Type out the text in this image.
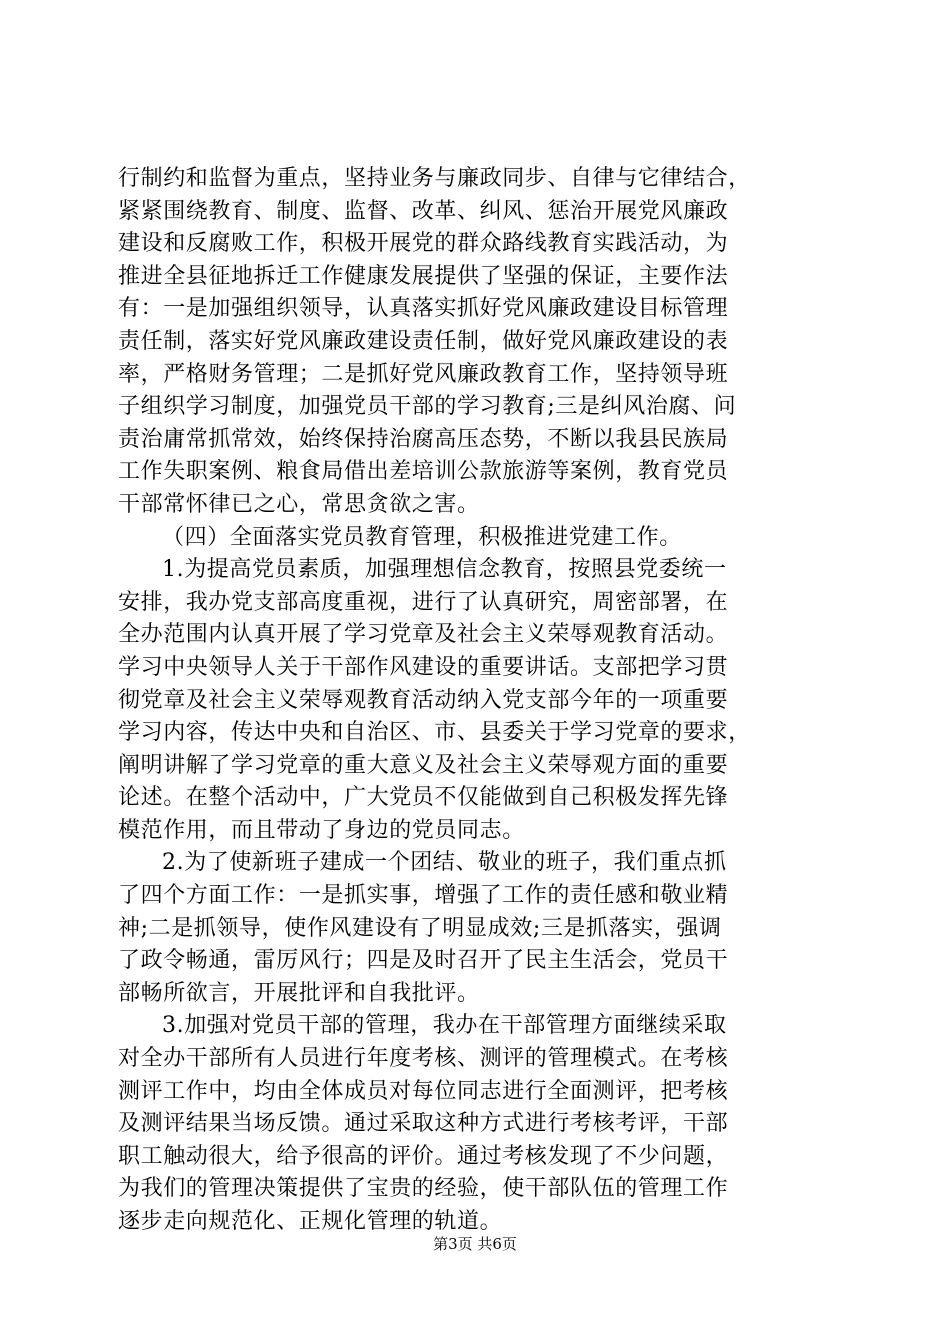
行制约和监督为重点，坚持业务与廉政同步、自律与它律结合，
紧紧围绕教育、制度、监督、改革、纠风、惩治开展党风廉政
建设和反腐败工作，积极开展党的群众路线教育实践活动，为
推进全县征地拆迁工作健康发展提供了坚强的保证，主要作法
有：一是加强组织领导，认真落实抓好党风廉政建设目标管理
责任制，落实好党风廉政建设责任制，做好党风廉政建设的表
率，严格财务管理；二是抓好党风廉政教育工作，坚持领导班
子组织学习制度，加强党员干部的学习教育;三是纠风治腐、问
责治庸常抓常效，始终保持治腐高压态势，不断以我县民族局
工作失职案例、粮食局借出差培训公款旅游等案例，教育党员
干部常怀律已之心，常思贪欲之害。
（四）全面落实党员教育管理，积极推进党建工作。
1.为提高党员素质，加强理想信念教育，按照县党委统一
安排，我办党支部高度重视，进行了认真研究，周密部署，在
全办范围内认真开展了学习党章及社会主义荣辱观教育活动。
学习中央领导人关于干部作风建设的重要讲话。支部把学习贯
彻党章及社会主义荣辱观教育活动纳入党支部今年的一项重要
学习内容，传达中央和自治区、市、县委关于学习党章的要求，
阐明讲解了学习党章的重大意义及社会主义荣辱观方面的重要
论述。在整个活动中，广大党员不仅能做到自己积极发挥先锋
模范作用，而且带动了身边的党员同志。
2.为了使新班子建成一个团结、敬业的班子，我们重点抓
了四个方面工作：一是抓实事，增强了工作的责任感和敬业精
神;二是抓领导，使作风建设有了明显成效;三是抓落实，强调
了政令畅通，雷厉风行；四是及时召开了民主生活会，党员干
部畅所欲言，开展批评和自我批评。
3.加强对党员干部的管理，我办在干部管理方面继续采取
对全办干部所有人员进行年度考核、测评的管理模式。在考核
测评工作中，均由全体成员对每位同志进行全面测评，把考核
及测评结果当场反馈。通过采取这种方式进行考核考评，干部
职工触动很大，给予很高的评价。通过考核发现了不少问题，
为我们的管理决策提供了宝贵的经验，使干部队伍的管理工作
逐步走向规范化、正规化管理的轨道。
第3页 共6页
